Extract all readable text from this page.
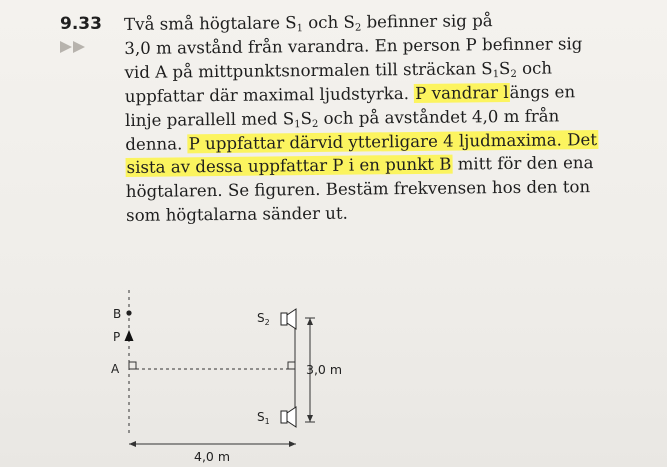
9.33 Två små högtalare $S_1$ och $S_2$ befinner sig på
3,0 m avstånd från varandra. En person P befinner sig
vid A på mittpunktsnormalen till sträckan $S_1S_2$ och
uppfattar där maximal ljudstyrka. P vandrar längs en
linje parallell med $S_1S_2$ och på avståndet 4,0 m från
denna. P uppfattar därvid ytterligare 4 ljudmaxima. Det
sista av dessa uppfattar P i en punkt B mitt för den ena
högtalaren. Se figuren. Bestäm frekvensen hos den ton
som högtalarna sänder ut.
B
P
A
$S_2$
$S_1$
3,0 m
4,0 m
